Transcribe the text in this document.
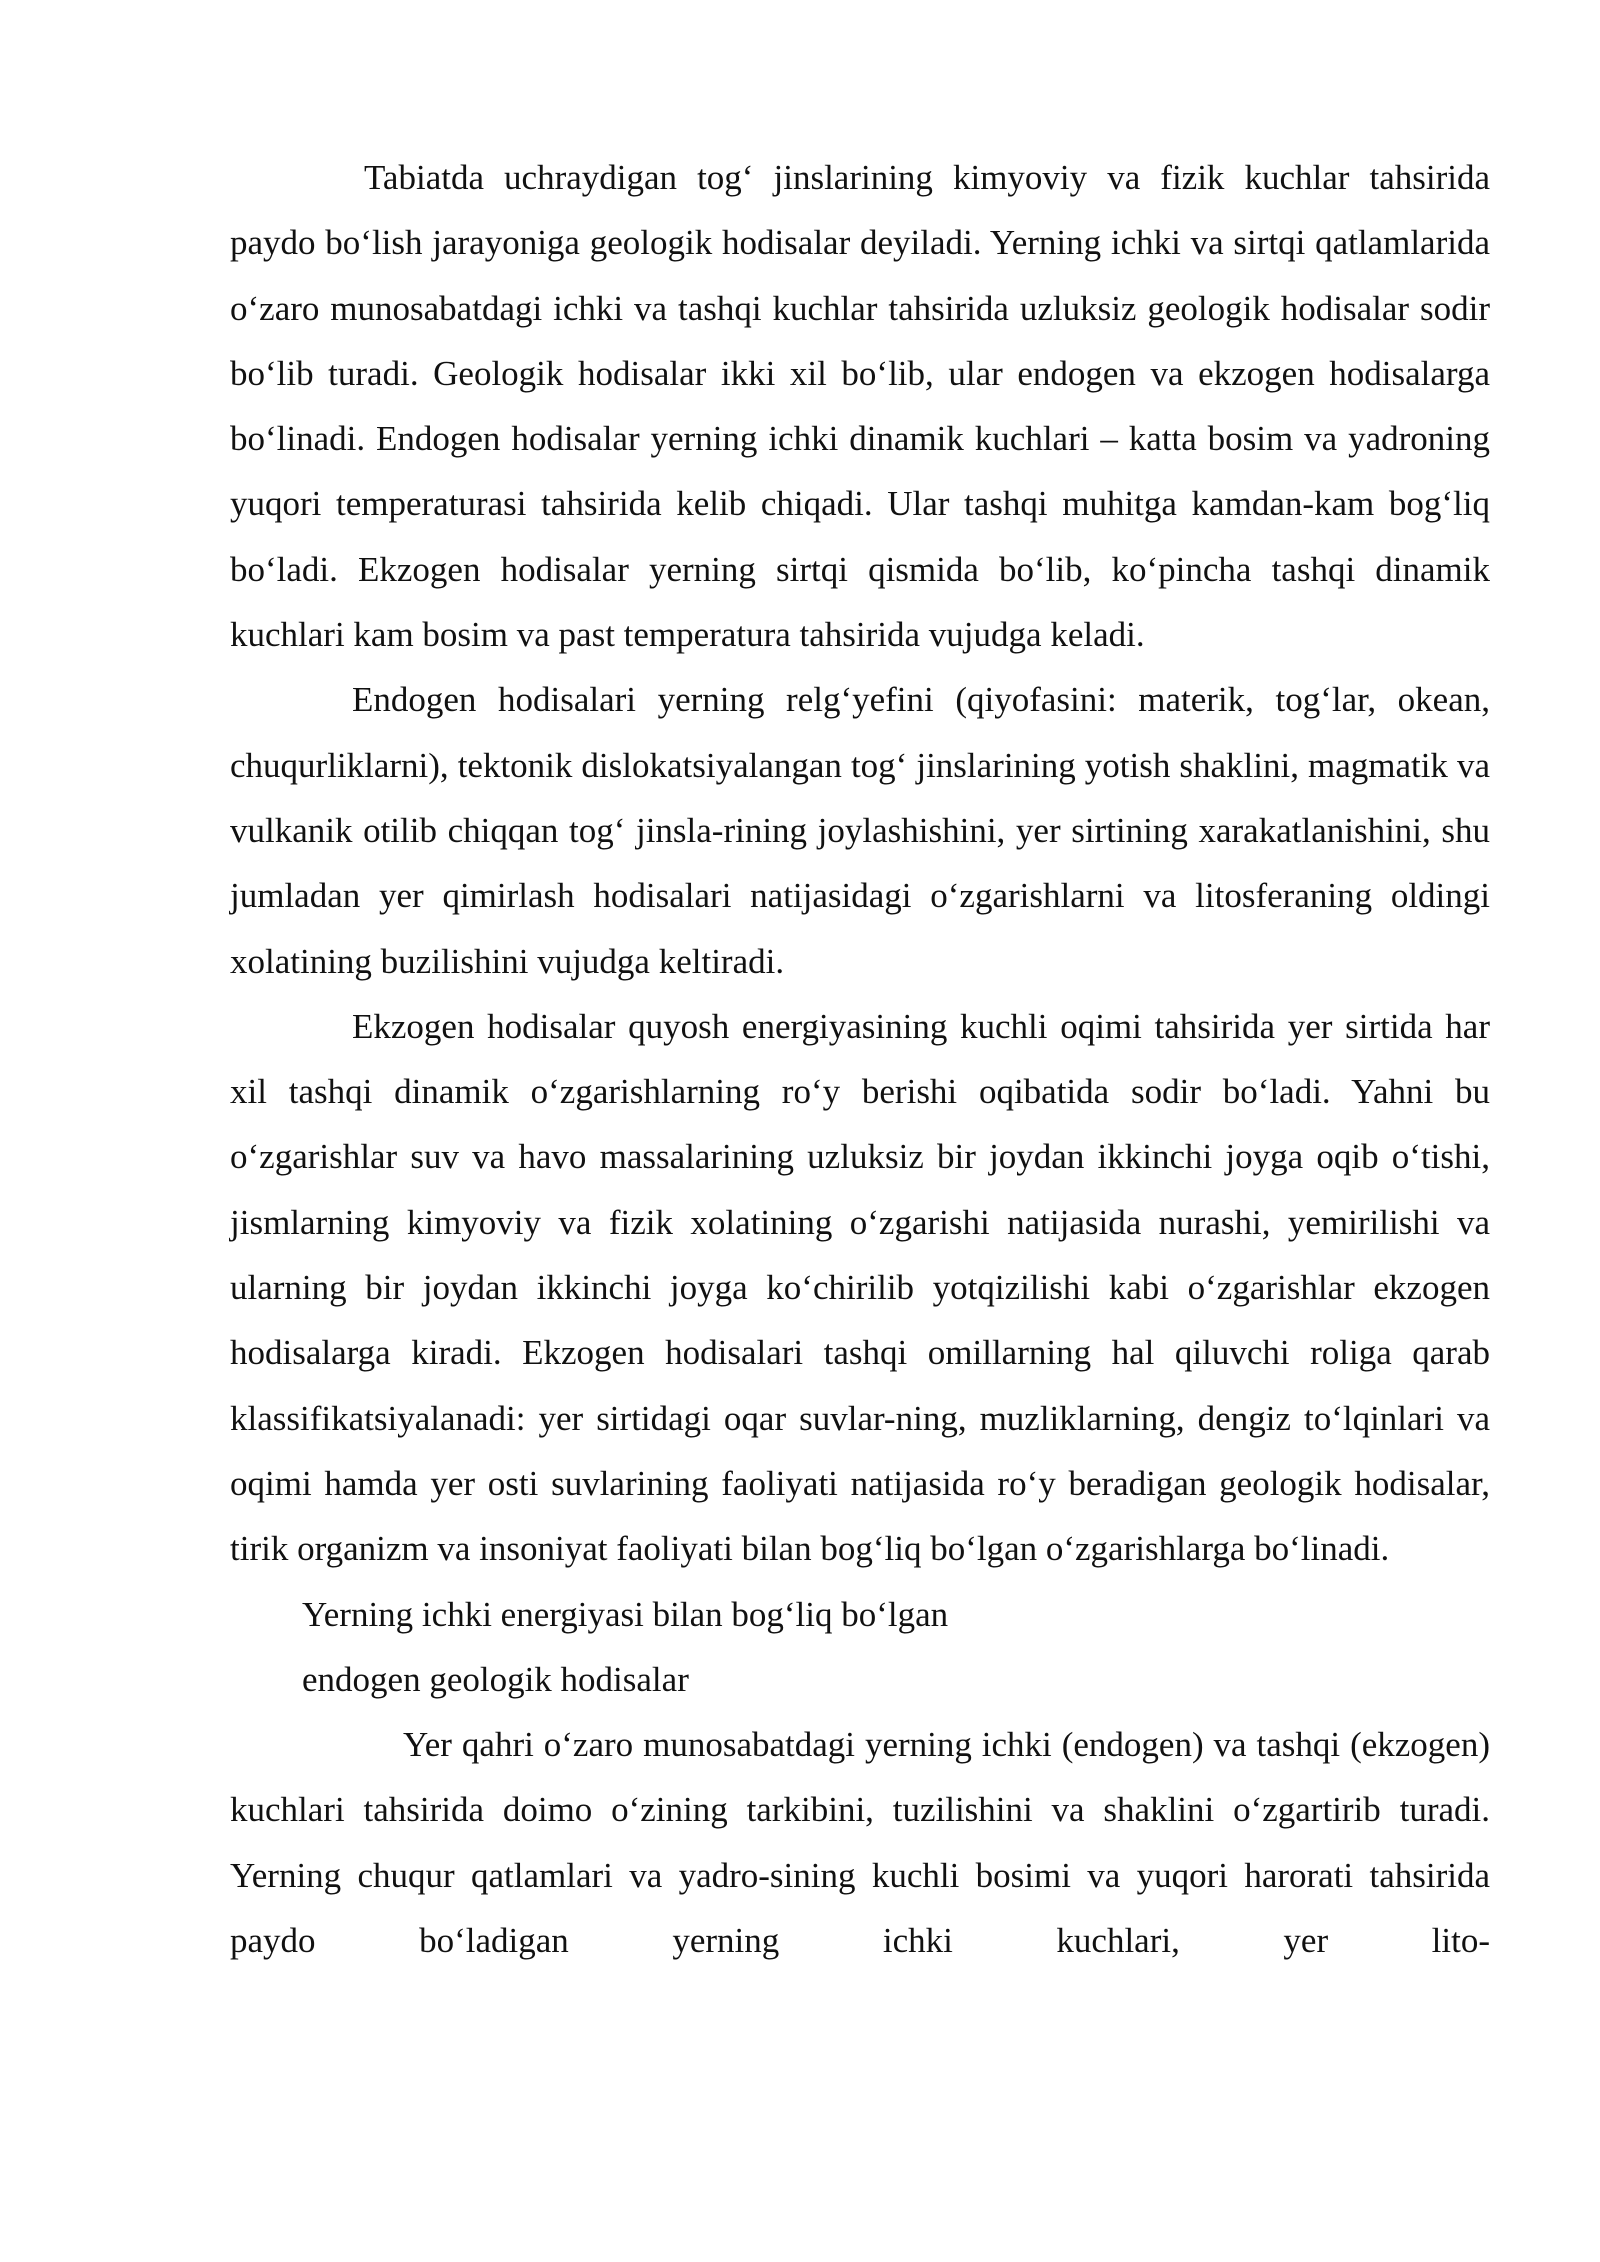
Tabiatda uchraydigan tog‘ jinslarining kimyoviy va fizik kuchlar tahsirida paydo bo‘lish jarayoniga geologik hodisalar deyiladi. Yerning ichki va sirtqi qatlamlarida o‘zaro munosabatdagi ichki va tashqi kuchlar tahsirida uzluksiz geologik hodisalar sodir bo‘lib turadi. Geologik hodisalar ikki xil bo‘lib, ular endogen va ekzogen hodisalarga bo‘linadi. Endogen hodisalar yerning ichki dinamik kuchlari – katta bosim va yadroning yuqori temperaturasi tahsirida kelib chiqadi. Ular tashqi muhitga kamdan-kam bog‘liq bo‘ladi. Ekzogen hodisalar yerning sirtqi qismida bo‘lib, ko‘pincha tashqi dinamik kuchlari kam bosim va past temperatura tahsirida vujudga keladi.

Endogen hodisalari yerning relg‘yefini (qiyofasini: materik, tog‘lar, okean, chuqurliklarni), tektonik dislokatsiyalangan tog‘ jinslarining yotish shaklini, magmatik va vulkanik otilib chiqqan tog‘ jinsla-rining joylashishini, yer sirtining xarakatlanishini, shu jumladan yer qimirlash hodisalari natijasidagi o‘zgarishlarni va litosferaning oldingi xolatining buzilishini vujudga keltiradi.

Ekzogen hodisalar quyosh energiyasining kuchli oqimi tahsirida yer sirtida har xil tashqi dinamik o‘zgarishlarning ro‘y berishi oqibatida sodir bo‘ladi. Yahni bu o‘zgarishlar suv va havo massalarining uzluksiz bir joydan ikkinchi joyga oqib o‘tishi, jismlarning kimyoviy va fizik xolatining o‘zgarishi natijasida nurashi, yemirilishi va ularning bir joydan ikkinchi joyga ko‘chirilib yotqizilishi kabi o‘zgarishlar ekzogen hodisalarga kiradi. Ekzogen hodisalari tashqi omillarning hal qiluvchi roliga qarab klassifikatsiyalanadi: yer sirtidagi oqar suvlar-ning, muzliklarning, dengiz to‘lqinlari va oqimi hamda yer osti suvlarining faoliyati natijasida ro‘y beradigan geologik hodisalar, tirik organizm va insoniyat faoliyati bilan bog‘liq bo‘lgan o‘zgarishlarga bo‘linadi.

Yerning ichki energiyasi bilan bog‘liq bo‘lgan
endogen geologik hodisalar

Yer qahri o‘zaro munosabatdagi yerning ichki (endogen) va tashqi (ekzogen) kuchlari tahsirida doimo o‘zining tarkibini, tuzilishini va shaklini o‘zgartirib turadi. Yerning chuqur qatlamlari va yadro-sining kuchli bosimi va yuqori harorati tahsirida paydo bo‘ladigan yerning ichki kuchlari, yer lito-
